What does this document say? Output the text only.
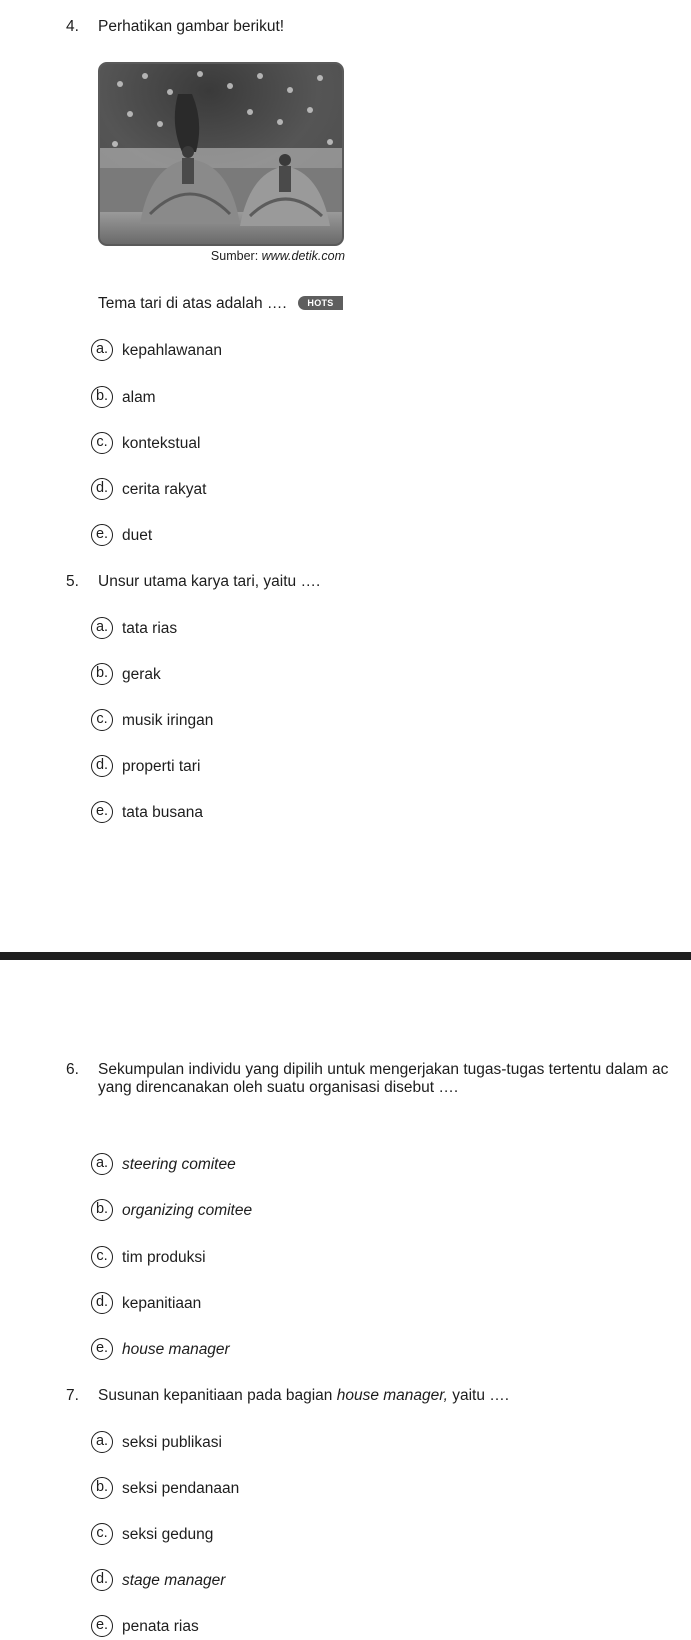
4. Perhatikan gambar berikut!
Sumber: www.detik.com
Tema tari di atas adalah ….	HOTS
a. kepahlawanan
b. alam
c. kontekstual
d. cerita rakyat
e. duet
5. Unsur utama karya tari, yaitu ….
a. tata rias
b. gerak
c. musik iringan
d. properti tari
e. tata busana
6. Sekumpulan individu yang dipilih untuk mengerjakan tugas-tugas tertentu dalam ac
yang direncanakan oleh suatu organisasi disebut ….
a. steering comitee
b. organizing comitee
c. tim produksi
d. kepanitiaan
e. house manager
7. Susunan kepanitiaan pada bagian house manager, yaitu ….
a. seksi publikasi
b. seksi pendanaan
c. seksi gedung
d. stage manager
e. penata rias
